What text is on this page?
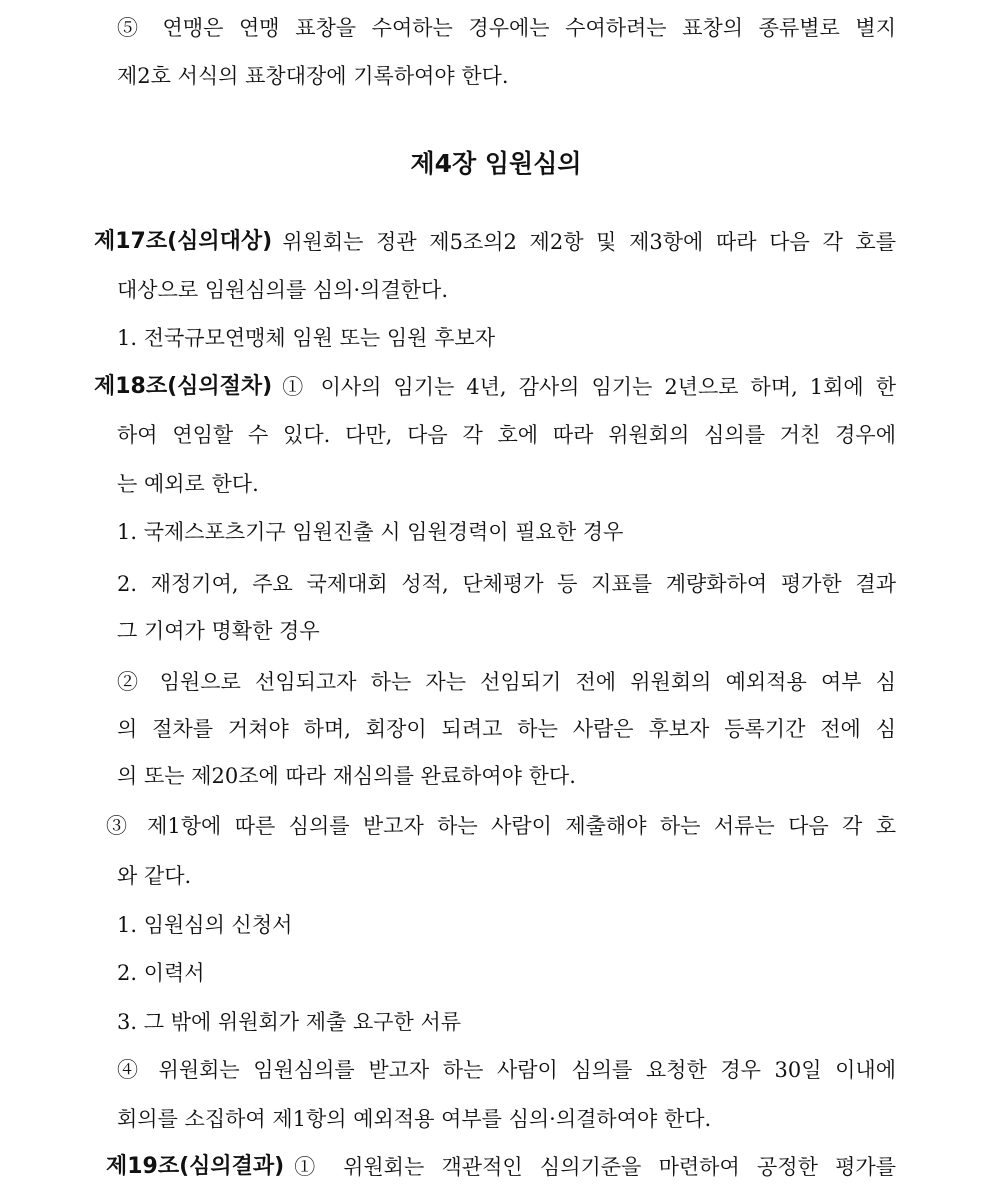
⑤ 연맹은 연맹 표창을 수여하는 경우에는 수여하려는 표창의 종류별로 별지
제2호 서식의 표창대장에 기록하여야 한다.
제4장 임원심의
제17조(심의대상) 위원회는 정관 제5조의2 제2항 및 제3항에 따라 다음 각 호를
대상으로 임원심의를 심의·의결한다.
1. 전국규모연맹체 임원 또는 임원 후보자
제18조(심의절차) ① 이사의 임기는 4년, 감사의 임기는 2년으로 하며, 1회에 한
하여 연임할 수 있다. 다만, 다음 각 호에 따라 위원회의 심의를 거친 경우에
는 예외로 한다.
1. 국제스포츠기구 임원진출 시 임원경력이 필요한 경우
2. 재정기여, 주요 국제대회 성적, 단체평가 등 지표를 계량화하여 평가한 결과
그 기여가 명확한 경우
② 임원으로 선임되고자 하는 자는 선임되기 전에 위원회의 예외적용 여부 심
의 절차를 거쳐야 하며, 회장이 되려고 하는 사람은 후보자 등록기간 전에 심
의 또는 제20조에 따라 재심의를 완료하여야 한다.
③ 제1항에 따른 심의를 받고자 하는 사람이 제출해야 하는 서류는 다음 각 호
와 같다.
1. 임원심의 신청서
2. 이력서
3. 그 밖에 위원회가 제출 요구한 서류
④ 위원회는 임원심의를 받고자 하는 사람이 심의를 요청한 경우 30일 이내에
회의를 소집하여 제1항의 예외적용 여부를 심의·의결하여야 한다.
제19조(심의결과) ① 위원회는 객관적인 심의기준을 마련하여 공정한 평가를
